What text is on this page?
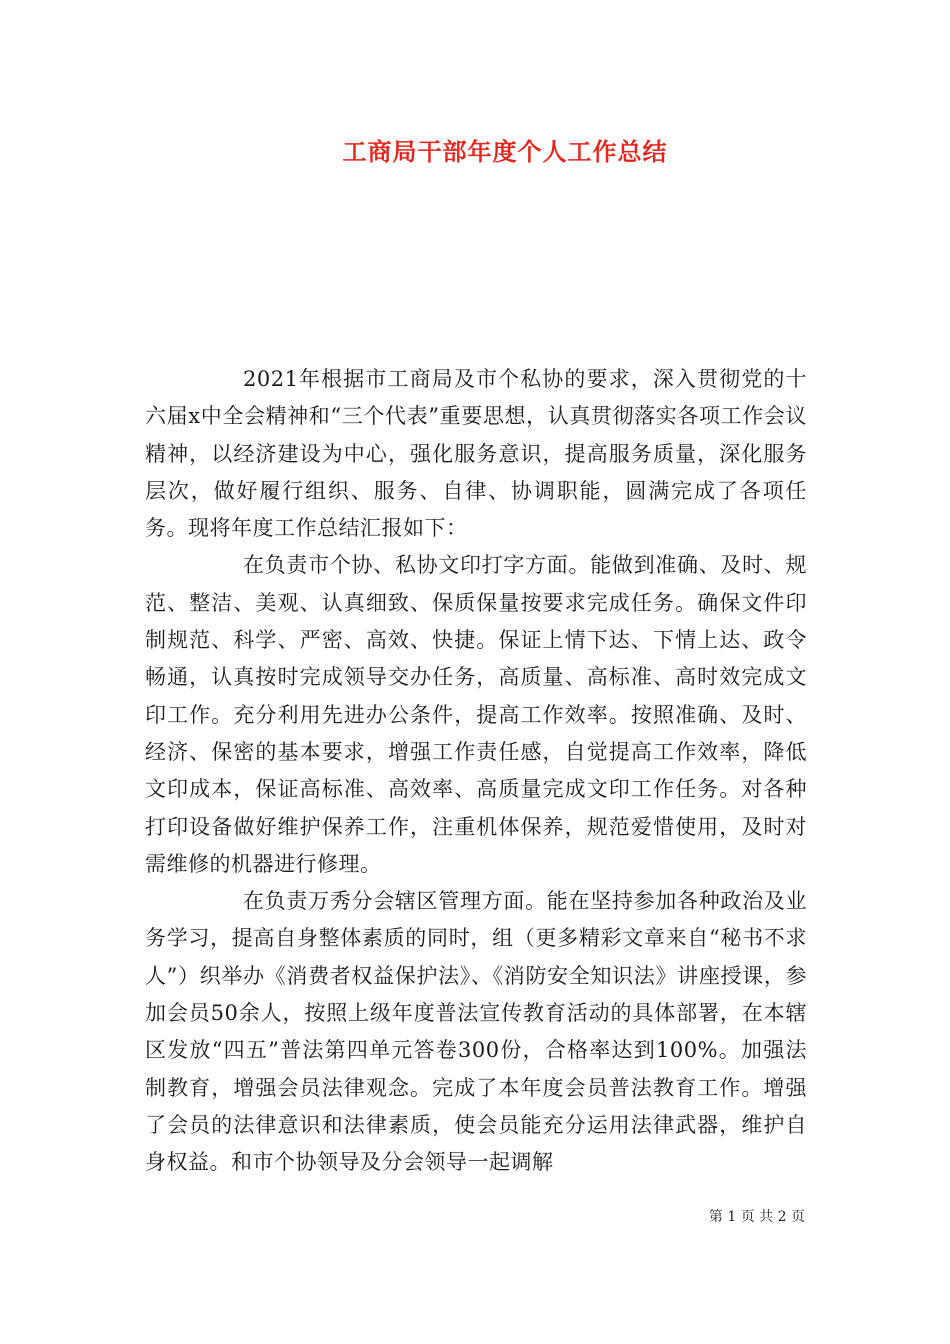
工商局干部年度个人工作总结

2021年根据市工商局及市个私协的要求，深入贯彻党的十六届x中全会精神和“三个代表”重要思想，认真贯彻落实各项工作会议精神，以经济建设为中心，强化服务意识，提高服务质量，深化服务层次，做好履行组织、服务、自律、协调职能，圆满完成了各项任务。现将年度工作总结汇报如下：

在负责市个协、私协文印打字方面。能做到准确、及时、规范、整洁、美观、认真细致、保质保量按要求完成任务。确保文件印制规范、科学、严密、高效、快捷。保证上情下达、下情上达、政令畅通，认真按时完成领导交办任务，高质量、高标准、高时效完成文印工作。充分利用先进办公条件，提高工作效率。按照准确、及时、经济、保密的基本要求，增强工作责任感，自觉提高工作效率，降低文印成本，保证高标准、高效率、高质量完成文印工作任务。对各种打印设备做好维护保养工作，注重机体保养，规范爱惜使用，及时对需维修的机器进行修理。

在负责万秀分会辖区管理方面。能在坚持参加各种政治及业务学习，提高自身整体素质的同时，组（更多精彩文章来自“秘书不求人”）织举办《消费者权益保护法》、《消防安全知识法》讲座授课，参加会员50余人，按照上级年度普法宣传教育活动的具体部署，在本辖区发放“四五”普法第四单元答卷300份，合格率达到100%。加强法制教育，增强会员法律观念。完成了本年度会员普法教育工作。增强了会员的法律意识和法律素质，使会员能充分运用法律武器，维护自身权益。和市个协领导及分会领导一起调解

第 1 页 共 2 页
